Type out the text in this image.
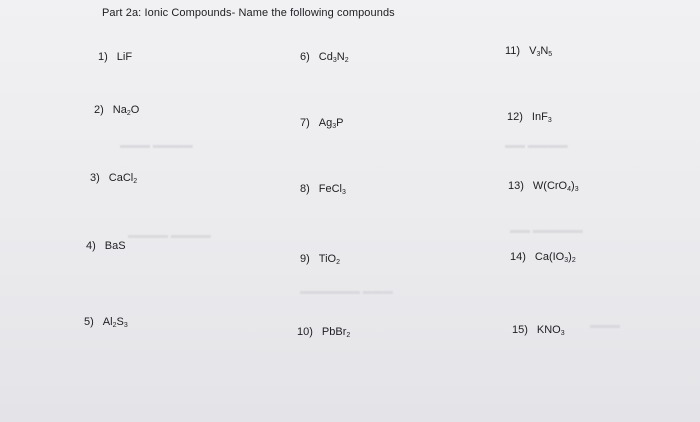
Part 2a: Ionic Compounds- Name the following compounds
▬▬▬ ▬▬▬▬
▬▬▬▬ ▬▬▬▬
▬▬▬▬▬▬ ▬▬▬
▬▬ ▬▬▬▬
▬▬ ▬▬▬▬▬
▬▬▬
1) LiF
2) $Na_2O$
3) CaCl$_2$
4) BaS
5) $Al_2S_3$
6) $Cd_3N_2$
7) $Ag_3P$
8) FeCl$_3$
9) TiO$_2$
10) PbBr$_2$
11) $V_3N_5$
12) InF$_3$
13) $W(CrO_4)_3$
14) $Ca(IO_3)_2$
15) $KNO_3$
